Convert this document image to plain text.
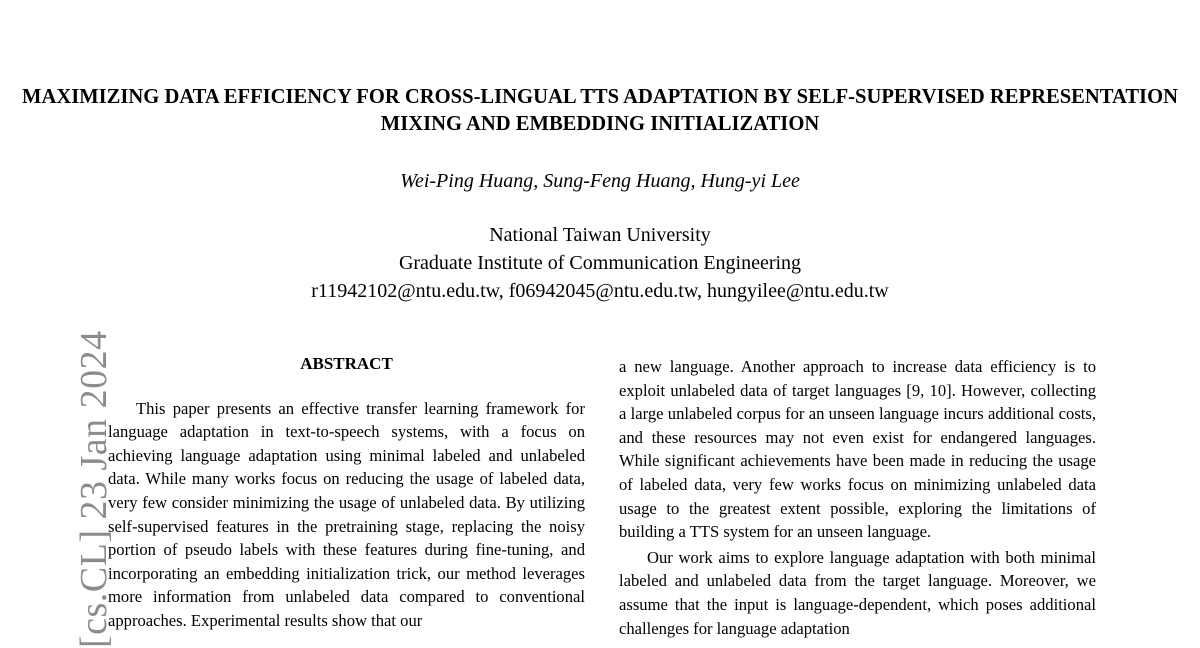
[cs.CL] 23 Jan 2024
MAXIMIZING DATA EFFICIENCY FOR CROSS-LINGUAL TTS ADAPTATION BY SELF-SUPERVISED REPRESENTATION MIXING AND EMBEDDING INITIALIZATION
Wei-Ping Huang, Sung-Feng Huang, Hung-yi Lee
National Taiwan University
Graduate Institute of Communication Engineering
r11942102@ntu.edu.tw, f06942045@ntu.edu.tw, hungyilee@ntu.edu.tw
ABSTRACT

This paper presents an effective transfer learning framework for language adaptation in text-to-speech systems, with a focus on achieving language adaptation using minimal labeled and unlabeled data. While many works focus on reducing the usage of labeled data, very few consider minimizing the usage of unlabeled data. By utilizing self-supervised features in the pretraining stage, replacing the noisy portion of pseudo labels with these features during fine-tuning, and incorporating an embedding initialization trick, our method leverages more information from unlabeled data compared to conventional approaches. Experimental results show that our

a new language. Another approach to increase data efficiency is to exploit unlabeled data of target languages [9, 10]. However, collecting a large unlabeled corpus for an unseen language incurs additional costs, and these resources may not even exist for endangered languages. While significant achievements have been made in reducing the usage of labeled data, very few works focus on minimizing unlabeled data usage to the greatest extent possible, exploring the limitations of building a TTS system for an unseen language.

Our work aims to explore language adaptation with both minimal labeled and unlabeled data from the target language. Moreover, we assume that the input is language-dependent, which poses additional challenges for language adaptation
